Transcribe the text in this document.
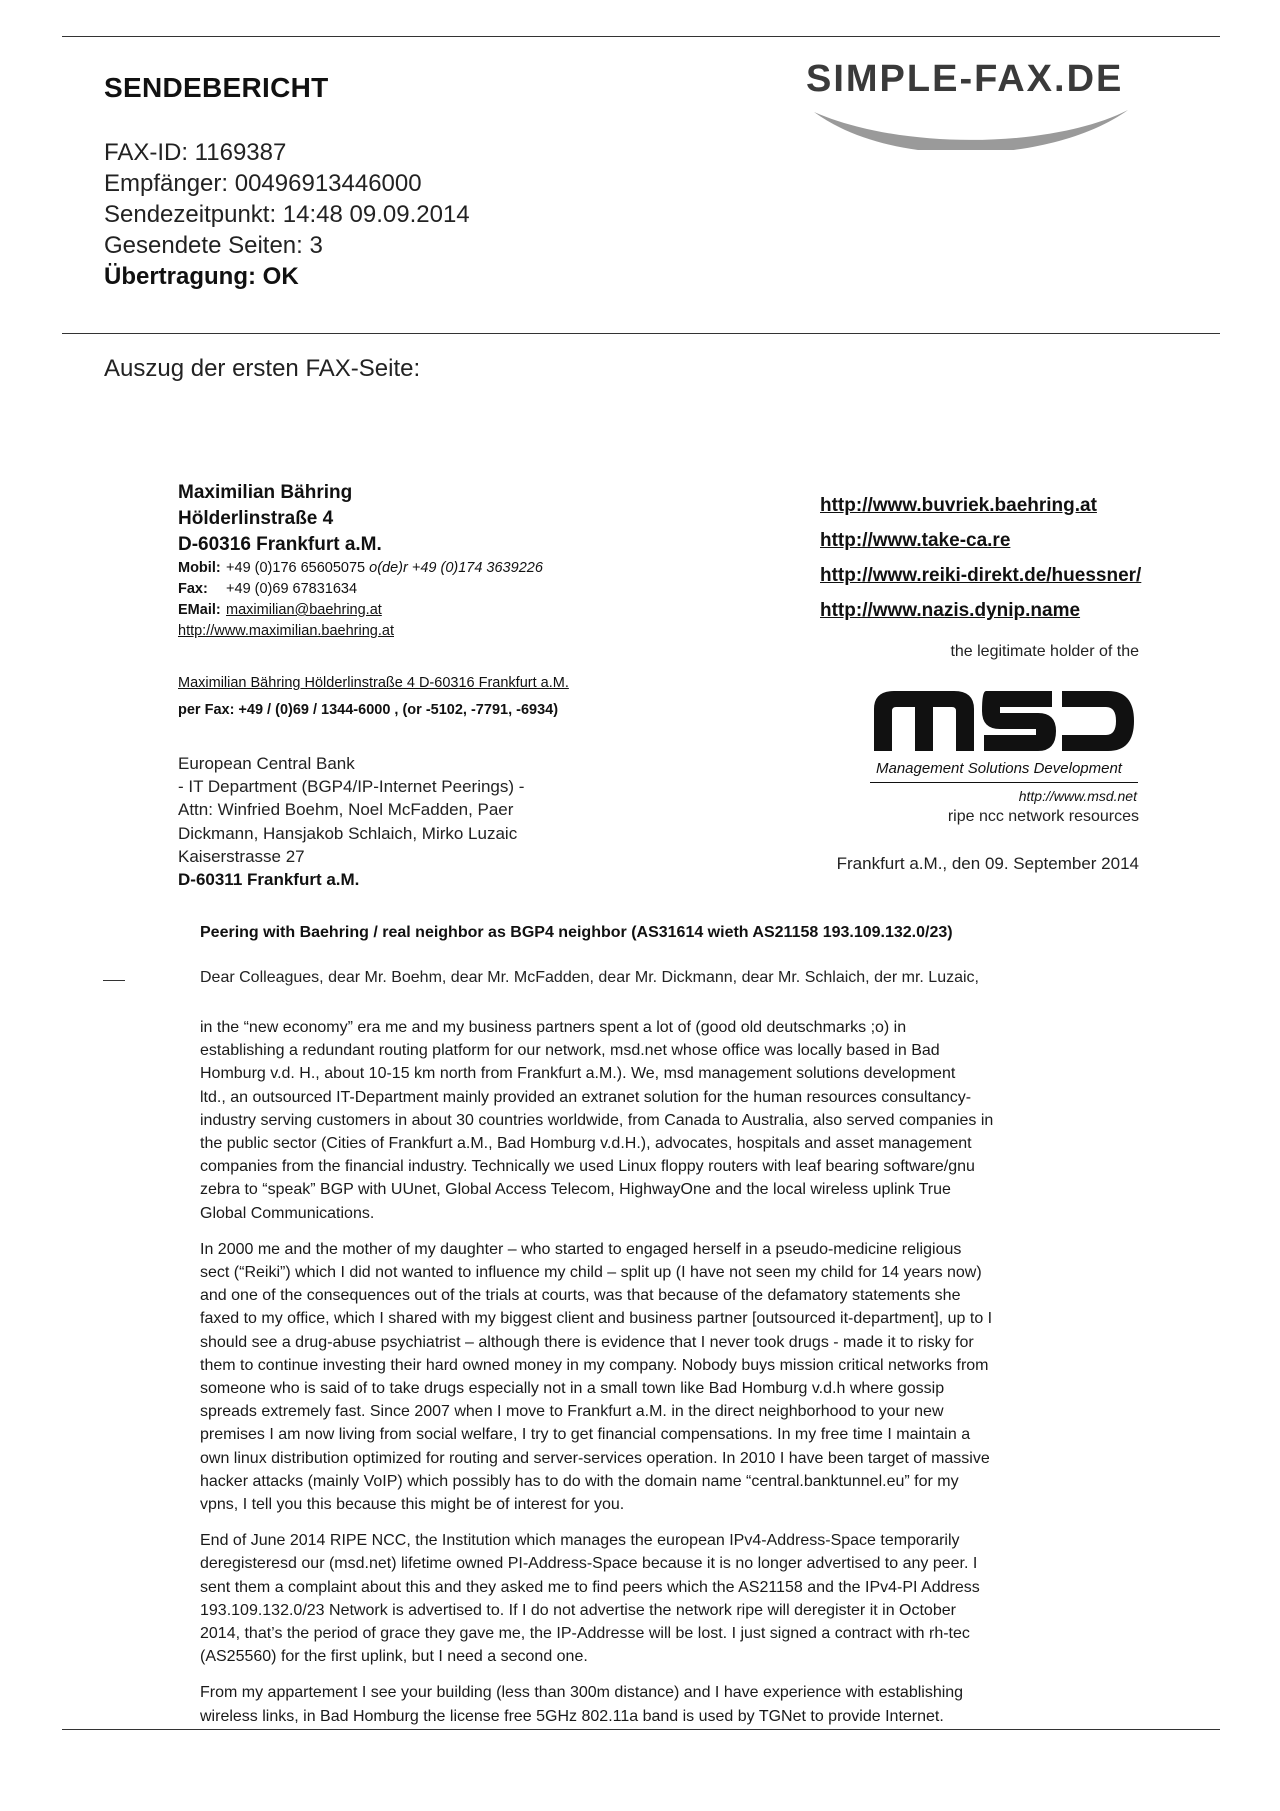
SENDEBERICHT
FAX-ID: 1169387
Empfänger: 00496913446000
Sendezeitpunkt: 14:48 09.09.2014
Gesendete Seiten: 3
Übertragung: OK
SIMPLE-FAX.DE
Auszug der ersten FAX-Seite:
Maximilian Bähring
Hölderlinstraße 4
D-60316 Frankfurt a.M.
Mobil: +49 (0)176 65605075 o(de)r +49 (0)174 3639226
Fax: +49 (0)69 67831634
EMail: maximilian@baehring.at
http://www.maximilian.baehring.at
http://www.buvriek.baehring.at
http://www.take-ca.re
http://www.reiki-direkt.de/huessner/
http://www.nazis.dynip.name
the legitimate holder of the
Management Solutions Development
http://www.msd.net
ripe ncc network resources
Maximilian Bähring Hölderlinstraße 4 D-60316 Frankfurt a.M.
per Fax: +49 / (0)69 / 1344-6000 , (or -5102, -7791, -6934)
European Central Bank
- IT Department (BGP4/IP-Internet Peerings) -
Attn: Winfried Boehm, Noel McFadden, Paer
Dickmann, Hansjakob Schlaich, Mirko Luzaic
Kaiserstrasse 27
D-60311 Frankfurt a.M.
Frankfurt a.M., den 09. September 2014
Peering with Baehring / real neighbor as BGP4 neighbor (AS31614 wieth AS21158 193.109.132.0/23)
Dear Colleagues, dear Mr. Boehm, dear Mr. McFadden, dear Mr. Dickmann, dear Mr. Schlaich, der mr. Luzaic,

in the “new economy” era me and my business partners spent a lot of (good old deutschmarks ;o) in
establishing a redundant routing platform for our network, msd.net whose office was locally based in Bad
Homburg v.d. H., about 10-15 km north from Frankfurt a.M.). We, msd management solutions development
ltd., an outsourced IT-Department mainly provided an extranet solution for the human resources consultancy-
industry serving customers in about 30 countries worldwide, from Canada to Australia, also served companies in
the public sector (Cities of Frankfurt a.M., Bad Homburg v.d.H.), advocates, hospitals and asset management
companies from the financial industry. Technically we used Linux floppy routers with leaf bearing software/gnu
zebra to “speak” BGP with UUnet, Global Access Telecom, HighwayOne and the local wireless uplink True
Global Communications.

In 2000 me and the mother of my daughter – who started to engaged herself in a pseudo-medicine religious
sect (“Reiki”) which I did not wanted to influence my child – split up (I have not seen my child for 14 years now)
and one of the consequences out of the trials at courts, was that because of the defamatory statements she
faxed to my office, which I shared with my biggest client and business partner [outsourced it-department], up to I
should see a drug-abuse psychiatrist – although there is evidence that I never took drugs - made it to risky for
them to continue investing their hard owned money in my company. Nobody buys mission critical networks from
someone who is said of to take drugs especially not in a small town like Bad Homburg v.d.h where gossip
spreads extremely fast. Since 2007 when I move to Frankfurt a.M. in the direct neighborhood to your new
premises I am now living from social welfare, I try to get financial compensations. In my free time I maintain a
own linux distribution optimized for routing and server-services operation. In 2010 I have been target of massive
hacker attacks (mainly VoIP) which possibly has to do with the domain name “central.banktunnel.eu” for my
vpns, I tell you this because this might be of interest for you.

End of June 2014 RIPE NCC, the Institution which manages the european IPv4-Address-Space temporarily
deregisteresd our (msd.net) lifetime owned PI-Address-Space because it is no longer advertised to any peer. I
sent them a complaint about this and they asked me to find peers which the AS21158 and the IPv4-PI Address
193.109.132.0/23 Network is advertised to. If I do not advertise the network ripe will deregister it in October
2014, that’s the period of grace they gave me, the IP-Addresse will be lost. I just signed a contract with rh-tec
(AS25560) for the first uplink, but I need a second one.

From my appartement I see your building (less than 300m distance) and I have experience with establishing
wireless links, in Bad Homburg the license free 5GHz 802.11a band is used by TGNet to provide Internet.
